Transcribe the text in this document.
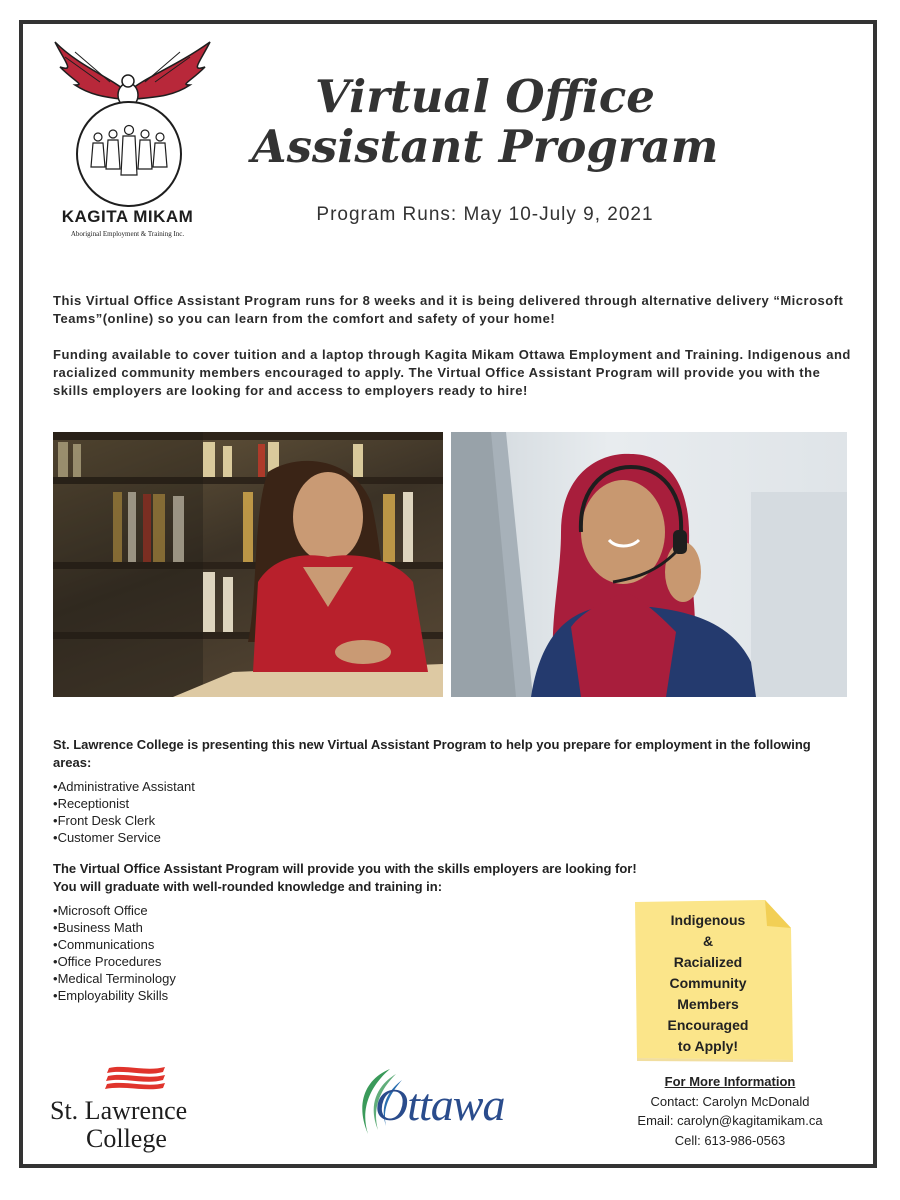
KAGITA MIKAM
Aboriginal Employment & Training Inc.
Virtual Office
Assistant Program
Program Runs: May 10-July 9, 2021

This Virtual Office Assistant Program runs for 8 weeks and it is being delivered through alternative delivery “Microsoft Teams”(online) so you can learn from the comfort and safety of your home!

Funding available to cover tuition and a laptop through Kagita Mikam Ottawa Employment and Training. Indigenous and racialized community members encouraged to apply. The Virtual Office Assistant Program will provide you with the skills employers are looking for and access to employers ready to hire!

St. Lawrence College is presenting this new Virtual Assistant Program to help you prepare for employment in the following areas:

• Administrative Assistant
• Receptionist
• Front Desk Clerk
• Customer Service

The Virtual Office Assistant Program will provide you with the skills employers are looking for!
You will graduate with well-rounded knowledge and training in:

• Microsoft Office
• Business Math
• Communications
• Office Procedures
• Medical Terminology
• Employability Skills
Indigenous
&
Racialized
Community
Members
Encouraged
to Apply!
For More Information
Contact: Carolyn McDonald
Email: carolyn@kagitamikam.ca
Cell: 613-986-0563
St. Lawrence
College
Ottawa
